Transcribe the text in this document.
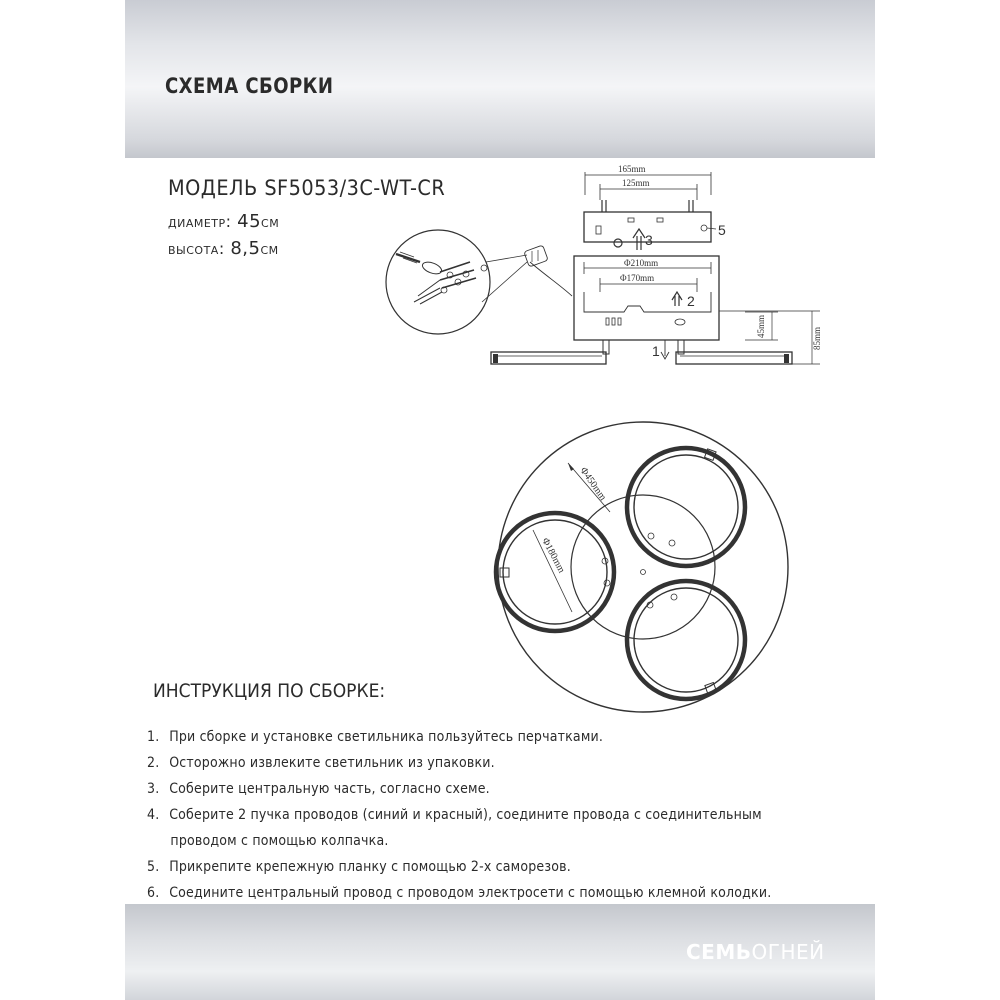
СХЕМА СБОРКИ
МОДЕЛЬ SF5053/3C-WT-CR
диаметр: 45см
высота: 8,5см
165mm
125mm
5
3
Φ210mm
Φ170mm
2
1
45mm
85mm
Φ450mm
Φ180mm
ИНСТРУКЦИЯ ПО СБОРКЕ:
1. При сборке и установке светильника пользуйтесь перчатками.
2. Осторожно извлеките светильник из упаковки.
3. Соберите центральную часть, согласно схеме.
4. Соберите 2 пучка проводов (синий и красный), соедините провода с соединительным
проводом с помощью колпачка.
5. Прикрепите крепежную планку с помощью 2-х саморезов.
6. Соедините центральный провод с проводом электросети с помощью клемной колодки.
СЕМЬОГНЕЙ
